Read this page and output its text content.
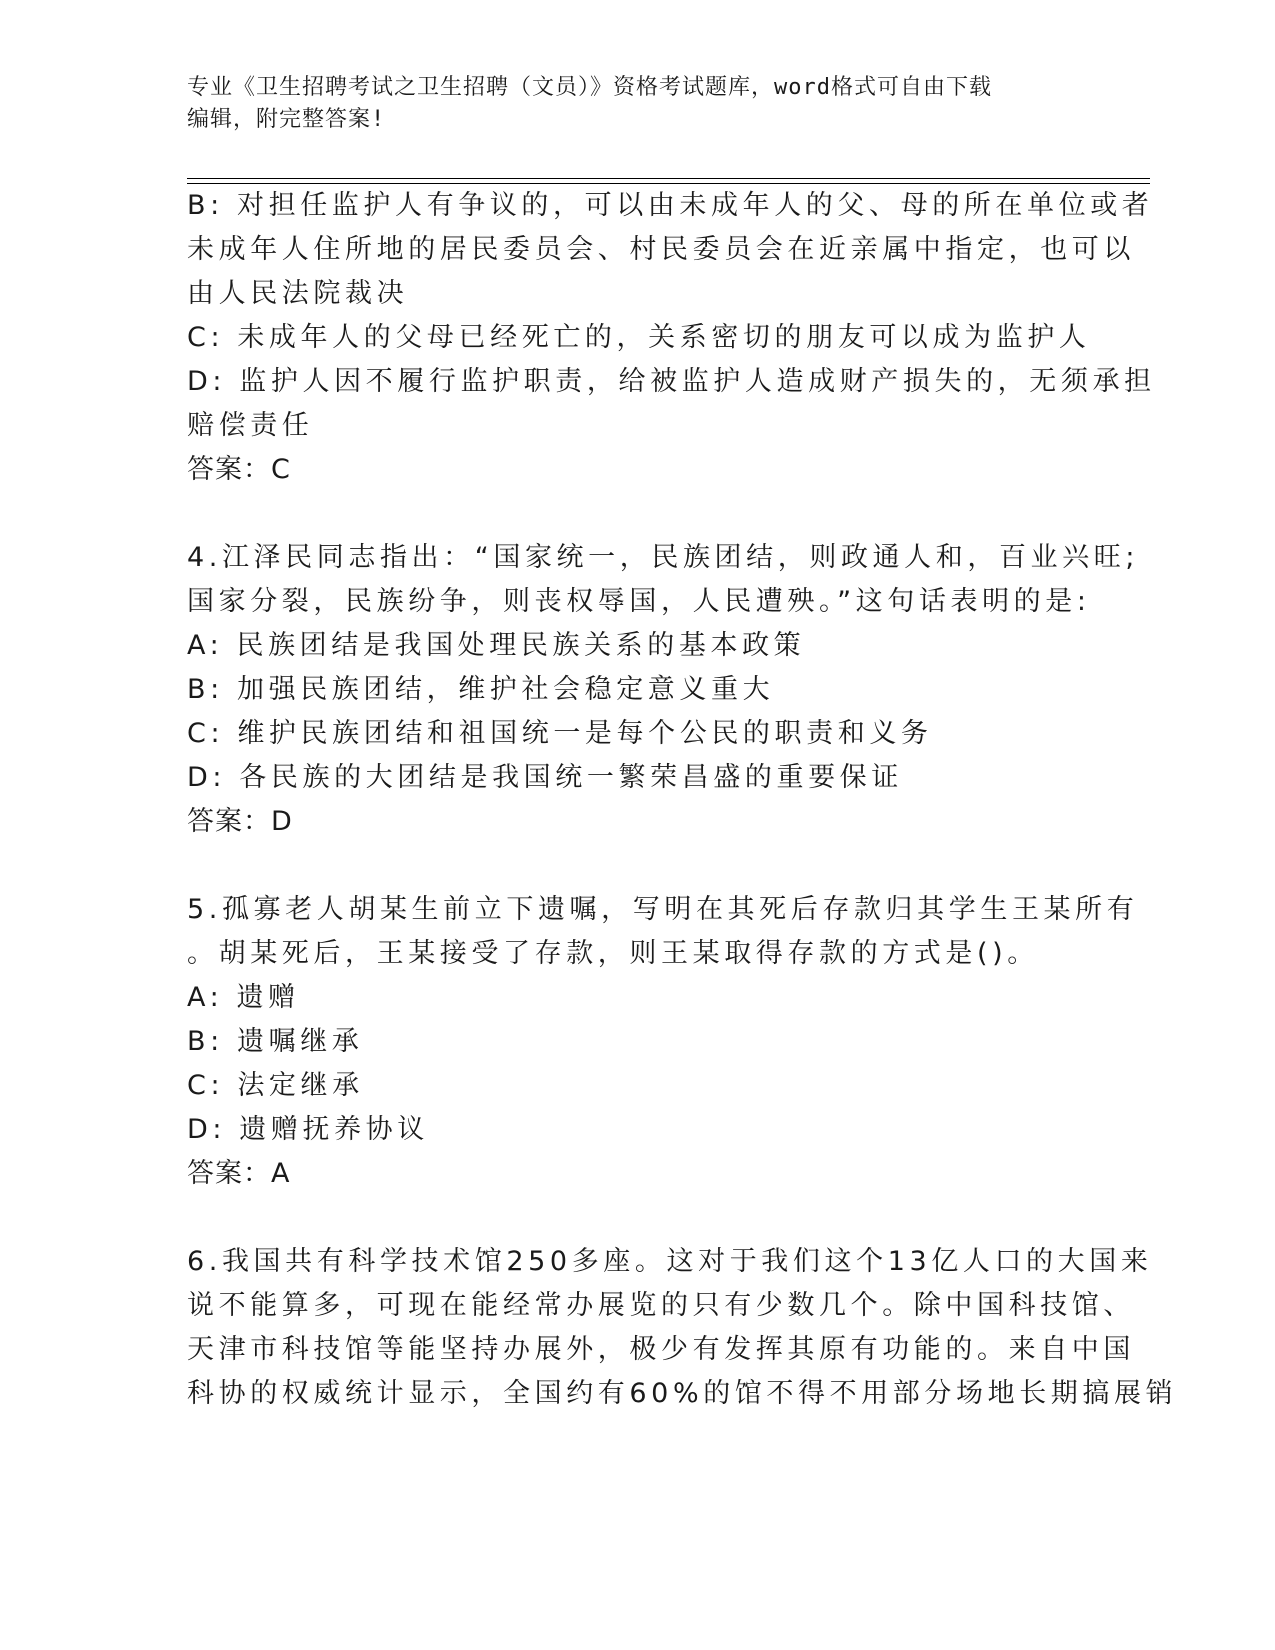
专业《卫生招聘考试之卫生招聘（文员）》资格考试题库，word格式可自由下载

编辑，附完整答案!

B: 对担任监护人有争议的，可以由未成年人的父、母的所在单位或者
未成年人住所地的居民委员会、村民委员会在近亲属中指定，也可以
由人民法院裁决
C: 未成年人的父母已经死亡的，关系密切的朋友可以成为监护人
D: 监护人因不履行监护职责，给被监护人造成财产损失的，无须承担
赔偿责任
答案：C
4.江泽民同志指出：“国家统一，民族团结，则政通人和，百业兴旺;
国家分裂，民族纷争，则丧权辱国，人民遭殃。”这句话表明的是:
A: 民族团结是我国处理民族关系的基本政策
B: 加强民族团结，维护社会稳定意义重大
C: 维护民族团结和祖国统一是每个公民的职责和义务
D: 各民族的大团结是我国统一繁荣昌盛的重要保证
答案：D
5.孤寡老人胡某生前立下遗嘱，写明在其死后存款归其学生王某所有
。胡某死后，王某接受了存款，则王某取得存款的方式是()。
A: 遗赠
B: 遗嘱继承
C: 法定继承
D: 遗赠抚养协议
答案：A
6.我国共有科学技术馆250多座。这对于我们这个13亿人口的大国来
说不能算多，可现在能经常办展览的只有少数几个。除中国科技馆、
天津市科技馆等能坚持办展外，极少有发挥其原有功能的。来自中国
科协的权威统计显示，全国约有60%的馆不得不用部分场地长期搞展销
